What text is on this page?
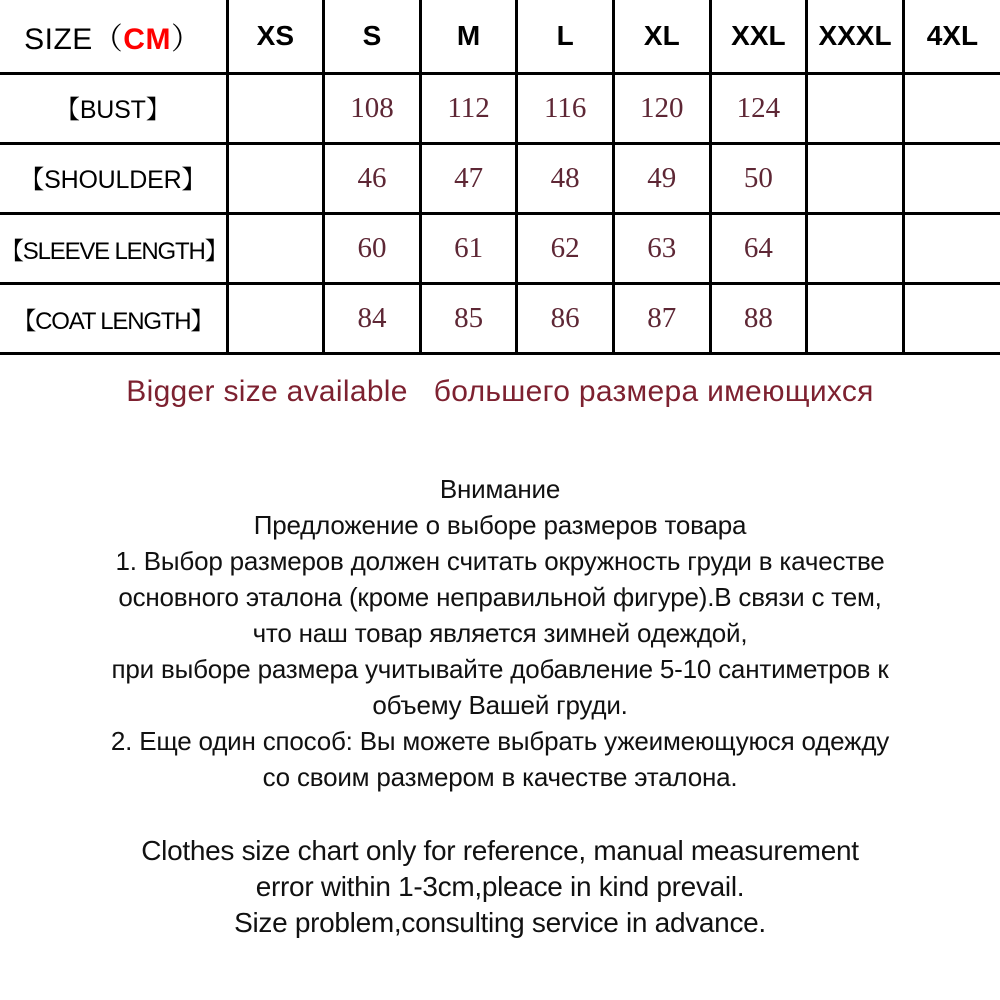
SIZE（CM）	XS	S	M	L	XL	XXL	XXXL	4XL
【BUST】		108	112	116	120	124		
【SHOULDER】		46	47	48	49	50		
【SLEEVE LENGTH】		60	61	62	63	64		
【COAT LENGTH】		84	85	86	87	88		
Bigger size available большего размера имеющихся
Внимание
Предложение о выборе размеров товара
1. Выбор размеров должен считать окружность груди в качестве
основного эталона (кроме неправильной фигуре).В связи с тем,
что наш товар является зимней одеждой,
при выборе размера учитывайте добавление 5-10 сантиметров к
объему Вашей груди.
2. Еще один способ: Вы можете выбрать ужеимеющуюся одежду
со своим размером в качестве эталона.
Clothes size chart only for reference, manual measurement
error within 1-3cm,pleace in kind prevail.
Size problem,consulting service in advance.
